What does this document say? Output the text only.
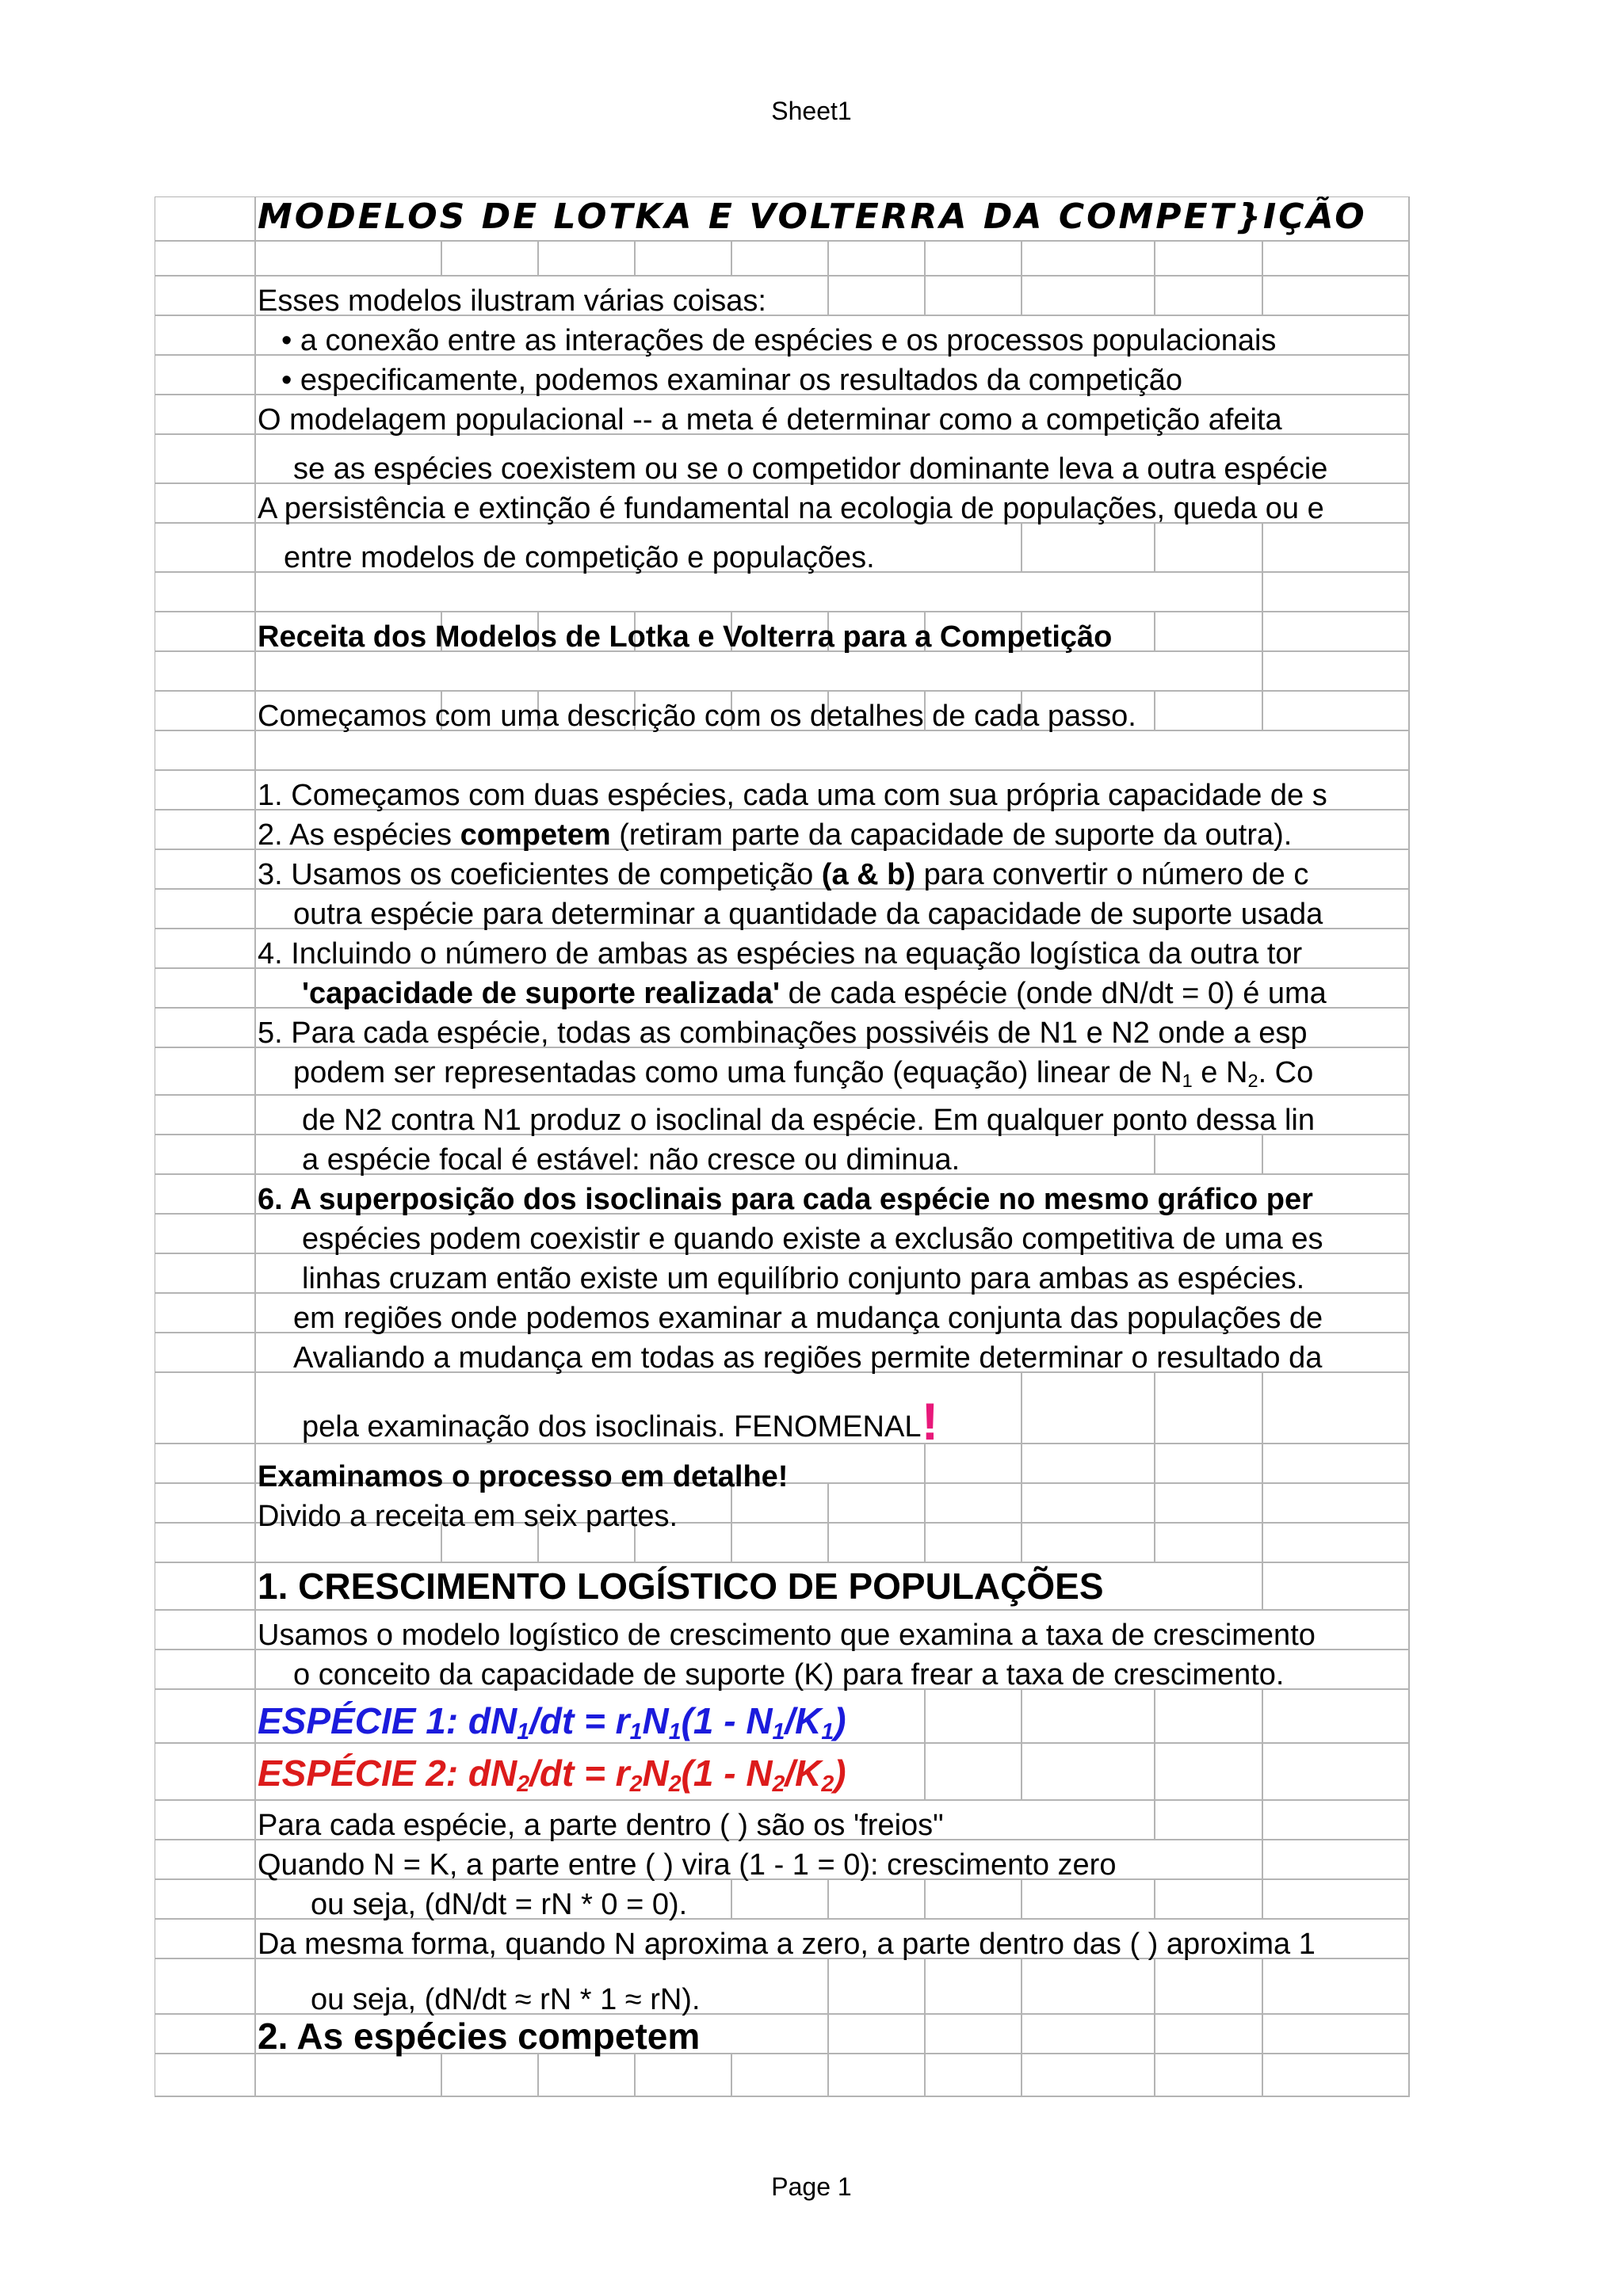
Sheet1
MODELOS DE LOTKA E VOLTERRA DA COMPET}IÇÃO
Esses modelos ilustram várias coisas:
• a conexão entre as interações de espécies e os processos populacionais
• especificamente, podemos examinar os resultados da competição
O modelagem populacional -- a meta é determinar como a competição afeita
se as espécies coexistem ou se o competidor dominante leva a outra espécie
A persistência e extinção é fundamental na ecologia de populações, queda ou e
entre modelos de competição e populações.
Receita dos Modelos de Lotka e Volterra para a Competição
Começamos com uma descrição com os detalhes de cada passo.
1. Começamos com duas espécies, cada uma com sua própria capacidade de s
2. As espécies competem (retiram parte da capacidade de suporte da outra).
3. Usamos os coeficientes de competição (a & b) para convertir o número de c
outra espécie para determinar a quantidade da capacidade de suporte usada
4. Incluindo o número de ambas as espécies na equação logística da outra tor
'capacidade de suporte realizada' de cada espécie (onde dN/dt = 0) é uma
5. Para cada espécie, todas as combinações possivéis de N1 e N2 onde a esp
podem ser representadas como uma função (equação) linear de $N_1$ e $N_2$. Co
de N2 contra N1 produz o isoclinal da espécie. Em qualquer ponto dessa lin
a espécie focal é estável: não cresce ou diminua.
6. A superposição dos isoclinais para cada espécie no mesmo gráfico per
espécies podem coexistir e quando existe a exclusão competitiva de uma es
linhas cruzam então existe um equilíbrio conjunto para ambas as espécies.
em regiões onde podemos examinar a mudança conjunta das populações de
Avaliando a mudança em todas as regiões permite determinar o resultado da
pela examinação dos isoclinais. FENOMENAL!
Examinamos o processo em detalhe!
Divido a receita em seix partes.
1. CRESCIMENTO LOGÍSTICO DE POPULAÇÕES
Usamos o modelo logístico de crescimento que examina a taxa de crescimento
o conceito da capacidade de suporte (K) para frear a taxa de crescimento.
ESPÉCIE 1: $dN_1/dt = r_1N_1(1 - N_1/K_1)$
ESPÉCIE 2: $dN_2/dt = r_2N_2(1 - N_2/K_2)$
Para cada espécie, a parte dentro ( ) são os 'freios"
Quando N = K, a parte entre ( ) vira (1 - 1 = 0): crescimento zero
ou seja, (dN/dt = rN * 0 = 0).
Da mesma forma, quando N aproxima a zero, a parte dentro das ( ) aproxima 1
ou seja, (dN/dt ≈ rN * 1 ≈ rN).
2. As espécies competem
Page 1
